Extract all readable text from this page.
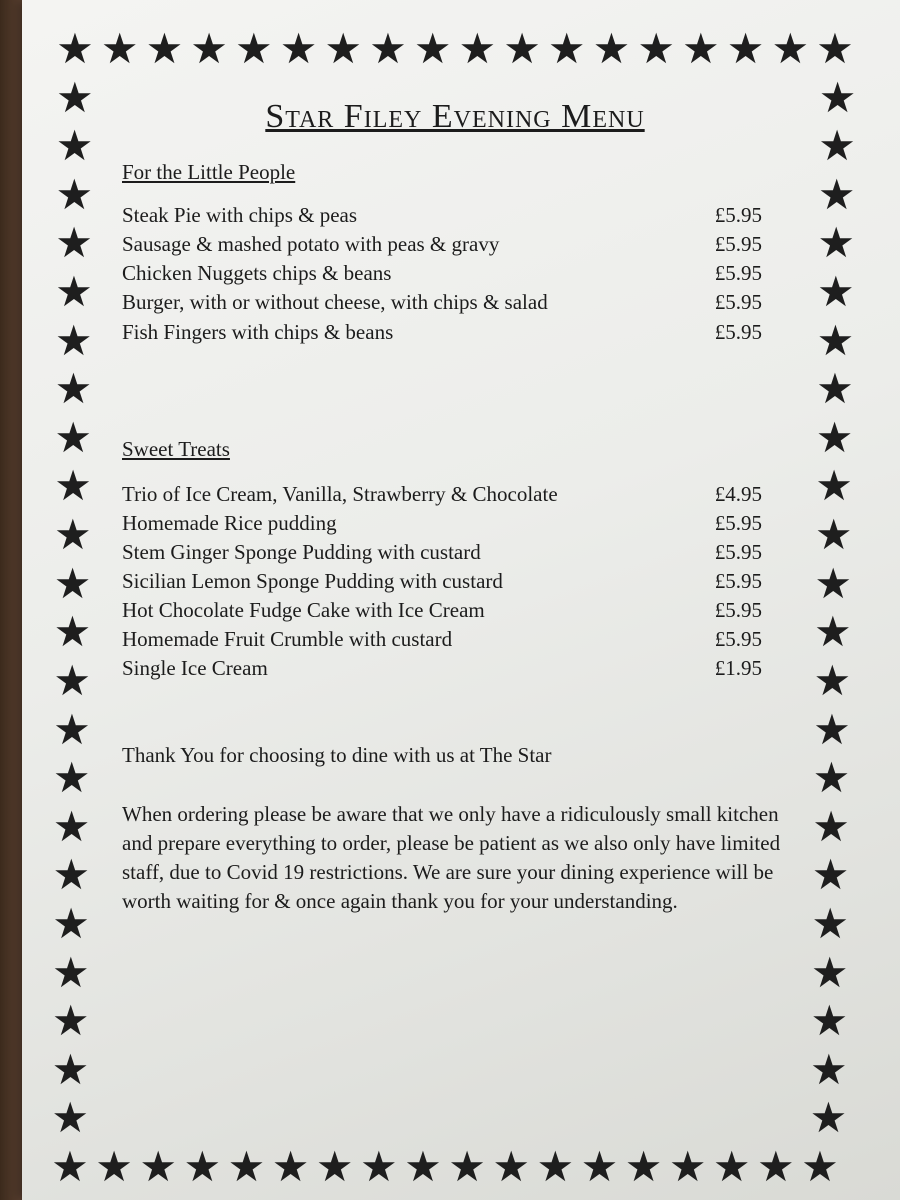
★ ★ ★ ★ ★ ★ ★ ★ ★ ★ ★ ★ ★ ★ ★ ★ ★ ★
★ ★ ★ ★ ★ ★ ★ ★ ★ ★ ★ ★ ★ ★ ★ ★ ★ ★
★
★
★
★
★
★
★
★
★
★
★
★
★
★
★
★
★
★
★
★
★
★
★
★
★
★
★
★
★
★
★
★
★
★
★
★
★
★
★
★
★
★
★
★
Star Filey Evening Menu
For the Little People
Steak Pie with chips & peas	£5.95
Sausage & mashed potato with peas & gravy	£5.95
Chicken Nuggets chips & beans	£5.95
Burger, with or without cheese, with chips & salad	£5.95
Fish Fingers with chips & beans	£5.95
Sweet Treats
Trio of Ice Cream, Vanilla, Strawberry & Chocolate	£4.95
Homemade Rice pudding	£5.95
Stem Ginger Sponge Pudding with custard	£5.95
Sicilian Lemon Sponge Pudding with custard	£5.95
Hot Chocolate Fudge Cake with Ice Cream	£5.95
Homemade Fruit Crumble with custard	£5.95
Single Ice Cream	£1.95
Thank You for choosing to dine with us at The Star
When ordering please be aware that we only have a ridiculously small kitchen and prepare everything to order, please be patient as we also only have limited staff, due to Covid 19 restrictions. We are sure your dining experience will be worth waiting for & once again thank you for your understanding.
